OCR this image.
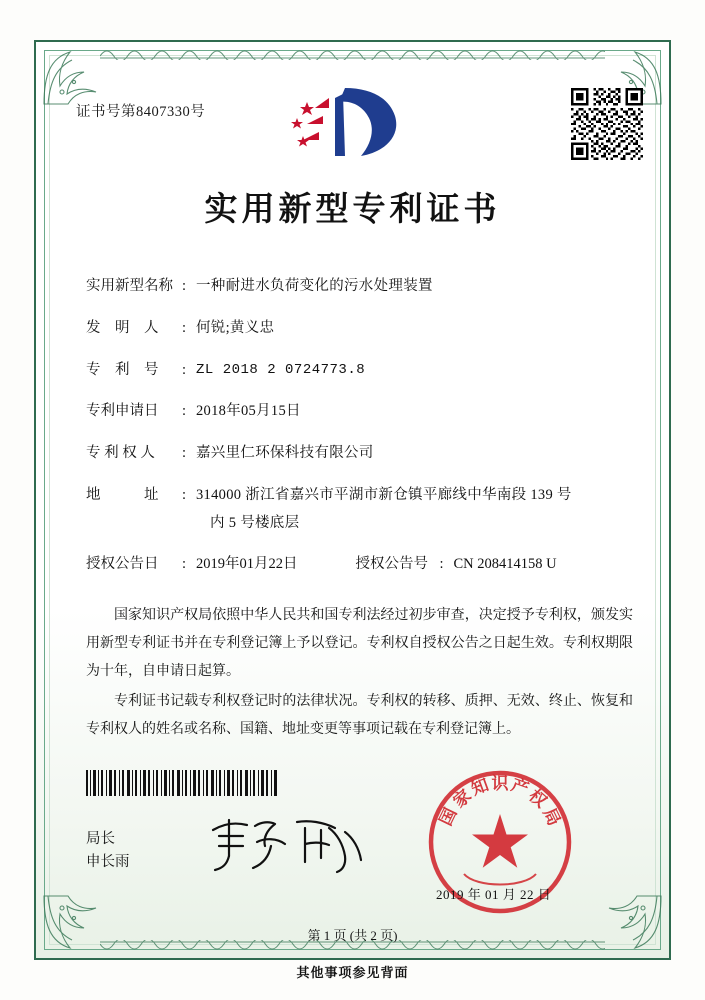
证书号第8407330号
实用新型专利证书
实用新型名称 : 一种耐进水负荷变化的污水处理装置
发　明　人	: 何锐;黄义忠
专　利　号	: ZL 2018 2 0724773.8
专利申请日	: 2018年05月15日
专 利 权 人	: 嘉兴里仁环保科技有限公司
地　　　址	: 314000 浙江省嘉兴市平湖市新仓镇平廊线中华南段 139 号
内 5 号楼底层
授权公告日	: 2019年01月22日	授权公告号 : CN 208414158 U

国家知识产权局依照中华人民共和国专利法经过初步审查，决定授予专利权，颁发实用新型专利证书并在专利登记簿上予以登记。专利权自授权公告之日起生效。专利权期限为十年，自申请日起算。

专利证书记载专利权登记时的法律状况。专利权的转移、质押、无效、终止、恢复和专利权人的姓名或名称、国籍、地址变更等事项记载在专利登记簿上。

局长
申长雨
国
家
知 识 产
权
局
2019 年 01 月 22 日
第 1 页 (共 2 页)
其他事项参见背面
